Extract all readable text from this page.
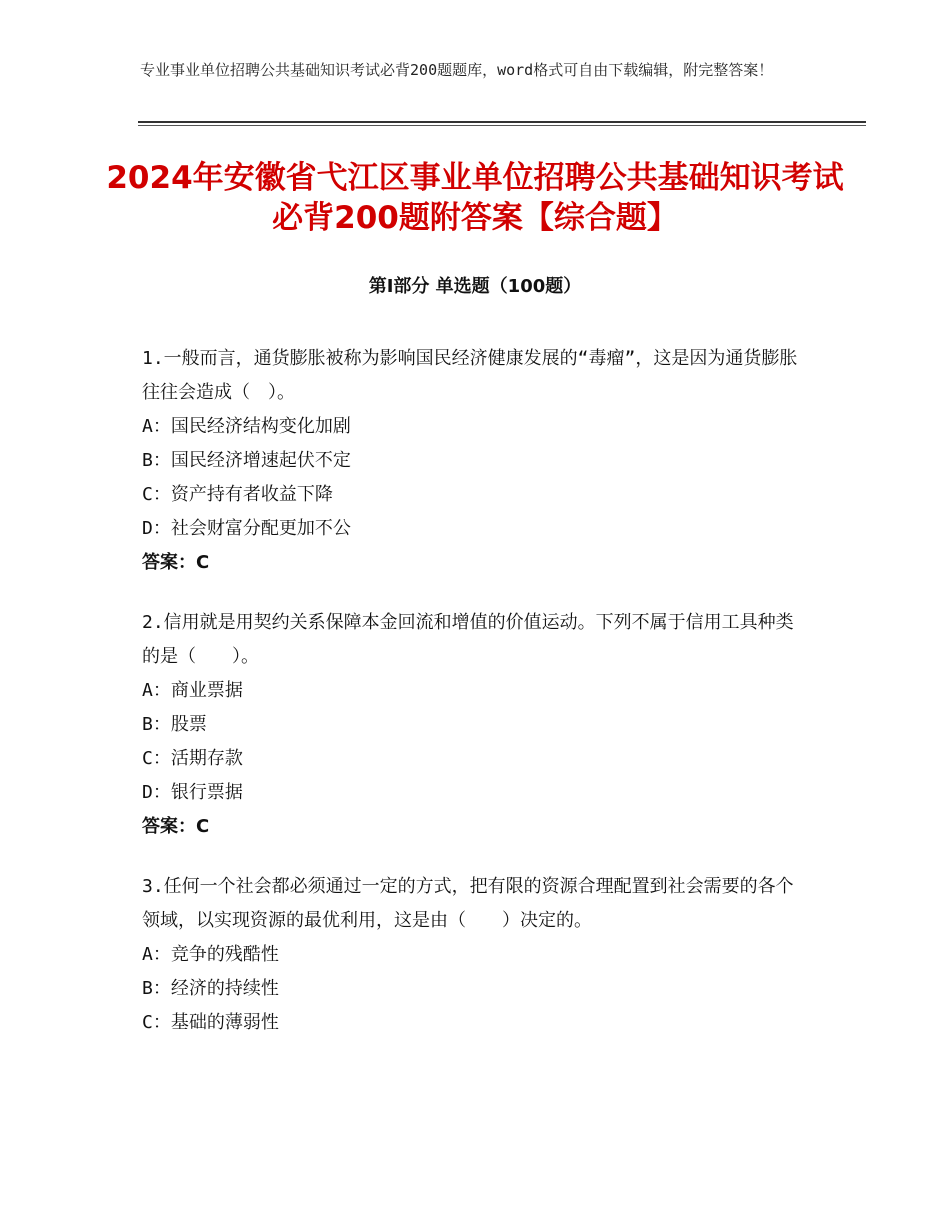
专业事业单位招聘公共基础知识考试必背200题题库，word格式可自由下载编辑，附完整答案！
2024年安徽省弋江区事业单位招聘公共基础知识考试必背200题附答案【综合题】
第Ⅰ部分 单选题（100题）

1.一般而言，通货膨胀被称为影响国民经济健康发展的“毒瘤”，这是因为通货膨胀往往会造成（　）。

A：国民经济结构变化加剧

B：国民经济增速起伏不定

C：资产持有者收益下降

D：社会财富分配更加不公

答案：C

2.信用就是用契约关系保障本金回流和增值的价值运动。下列不属于信用工具种类的是（　　）。

A：商业票据

B：股票

C：活期存款

D：银行票据

答案：C

3.任何一个社会都必须通过一定的方式，把有限的资源合理配置到社会需要的各个领域，以实现资源的最优利用，这是由（　　）决定的。

A：竞争的残酷性

B：经济的持续性

C：基础的薄弱性
